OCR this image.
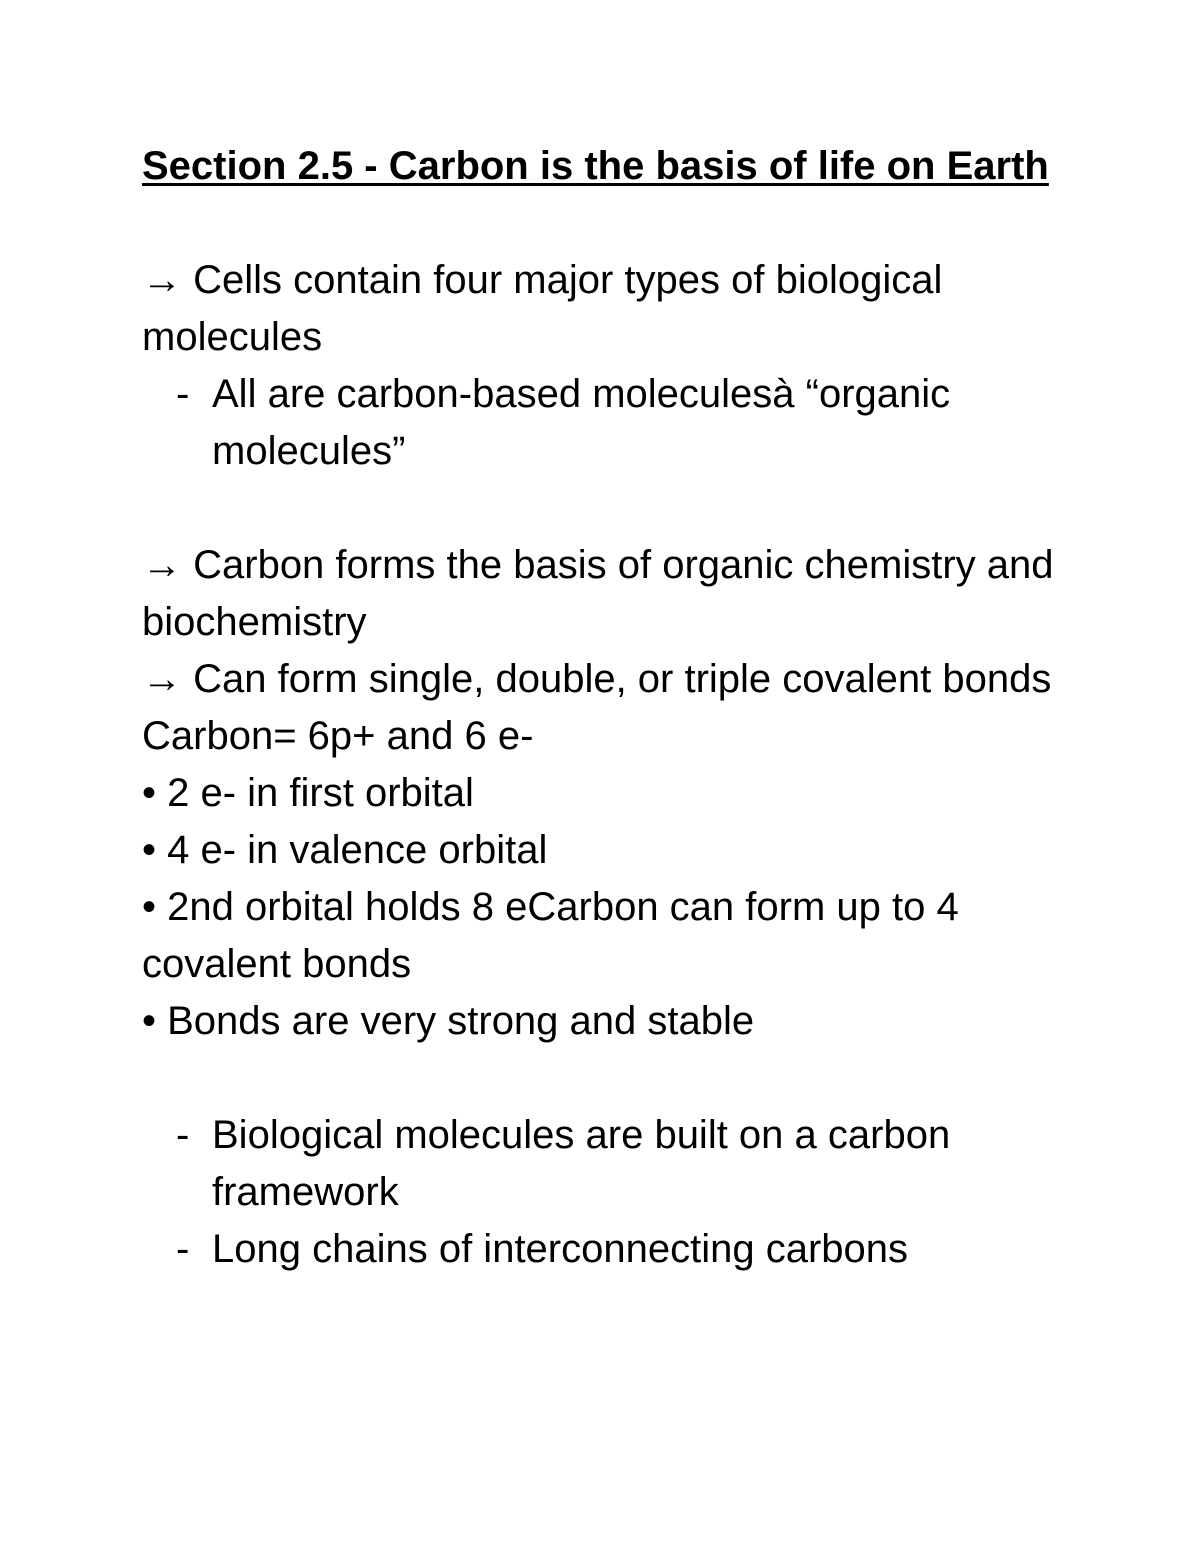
Section 2.5 - Carbon is the basis of life on Earth

→ Cells contain four major types of biological molecules

- All are carbon-based moleculesà “organic molecules”

→ Carbon forms the basis of organic chemistry and biochemistry

→ Can form single, double, or triple covalent bonds

Carbon= 6p+ and 6 e-

• 2 e- in first orbital

• 4 e- in valence orbital

• 2nd orbital holds 8 eCarbon can form up to 4 covalent bonds

• Bonds are very strong and stable

- Biological molecules are built on a carbon framework

- Long chains of interconnecting carbons
